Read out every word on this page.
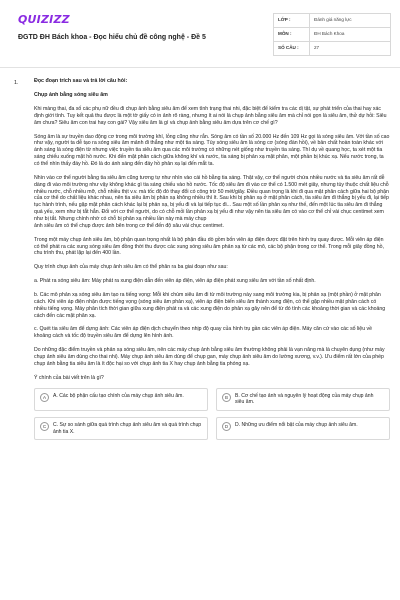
QUIZIZZ
ĐGTD ĐH Bách khoa - Đọc hiểu chủ đề công nghệ - Đề 5
LỚP :	Đánh giá năng lực
MÔN :	ĐH Bách Khoa
SỐ CÂU :	27
1.	Đọc đoạn trích sau và trả lời câu hỏi:
Chụp ảnh bằng sóng siêu âm
Khi màng thai, đa số các phụ nữ đều đi chụp ảnh bằng siêu âm để xem tình trạng thai nhi, đặc biệt để kiểm tra các dị tật, sự phát triển của thai hay xác định giới tính. Tuy kết quả thu được là một tờ giấy có in ảnh rõ ràng, nhưng ít ai nói là chụp ảnh bằng siêu âm mà chỉ nói gọn là siêu âm, thử dự hỏi: Siêu âm chưa? Siêu âm con trai hay con gái? Vậy siêu âm là gì và chụp ảnh bằng siêu âm dựa trên cơ chế gì?
Sóng âm là sự truyền dao động cơ trong môi trường khí, lỏng cũng như rắn. Sóng âm có tần số 20.000 Hz đến 109 Hz gọi là sóng siêu âm. Với tần số cao như vậy, người ta dễ tạo ra sóng siêu âm mảnh đi thẳng như một tia sáng. Tùy sóng siêu âm là sóng cơ (sóng đàn hồi), về bản chất hoàn toàn khác với ánh sáng là sóng điện từ nhưng việc truyền tia siêu âm qua các môi trường có những nét giống như truyền tia sáng. Thí dụ về quang học, ta xét một tia sáng chiếu xuống mặt hồ nước. Khi đến mặt phân cách giữa không khí và nước, tia sáng bị phản xạ mặt phân, một phần bị khúc xạ. Nếu nước trong, ta có thể nhìn thấy đáy hồ. Đó là do ánh sáng đến đáy hồ phản xạ lại đến mắt ta.
Nhìn vào cơ thể người bằng tia siêu âm cũng tương tự như nhìn vào cái hồ bằng tia sáng. Thật vậy, cơ thể người chứa nhiều nước và tia siêu âm rất dễ dàng đi vào môi trường như vậy không khác gì tia sáng chiếu vào hồ nước. Tốc độ siêu âm đi vào cơ thể có 1.500 mét giây, nhưng tùy thuộc chất liệu chỗ nhiều nước, chỗ nhiều mỡ, chỗ nhiều thịt v.v. mà tốc độ đó thay đổi có công trừ 50 mét/giây. Điều quan trọng là khi đi qua mặt phân cách giữa hai bộ phận của cơ thể do chất liệu khác nhau, nên tia siêu âm bị phản xạ không nhiều thì ít. Sau khi bị phản xạ ở mặt phân cách, tia siêu âm đi thẳng bị yếu đi, lại tiếp tục hành trình, nếu gặp mặt phân cách khác lại bị phản xạ, bị yếu đi và lại tiếp tục đi... Sau một số lần phản xạ như thế, đến một lúc tia siêu âm đi thẳng quá yếu, xem như bị tắt hẳn. Đối với cơ thể người, do có chỗ mỏi lần phản xạ bị yếu đi như vậy nên tia siêu âm có vào cơ thể chỉ vài chục centimet xem như bị tắt. Nhưng chính nhờ có chỗ bị phản xạ nhiều lần này mà máy chụp
ảnh siêu âm có thể chụp được ảnh bên trong cơ thể đến độ sâu vài chục centimet.
Trong một máy chụp ảnh siêu âm, bộ phận quan trọng nhất là bộ phận đầu dò gồm bốn viên áp điện được đặt trên hình trụ quay được. Mỗi viên áp điện có thể phát ra các xung sóng siêu âm đồng thời thu được các xung sóng siêu âm phản xạ từ các mô, các bộ phận trong cơ thể. Trong mỗi giây đồng hồ, chu trình thu, phát lặp lại đến 400 lần.
Quy trình chụp ảnh của máy chụp ảnh siêu âm có thể phân ra ba giai đoạn như sau:
a. Phát ra sóng siêu âm: Máy phát ra xung điện dẫn đến viên áp điện, viên áp điện phát xung siêu âm với tần số nhất định.
b. Các mô phản xạ sóng siêu âm tạo ra tiếng vọng: Mỗi khi chùm siêu âm đi từ môi trường này sang môi trường kia, bị phản xạ (một phần) ở mặt phân cách. Khi viên áp điện nhận được tiếng vọng (sóng siêu âm phản xạ), viên áp điện biến siêu âm thành xung điện, có thể gặp nhiều mặt phân cách có nhiều tiếng vọng. Máy phân tích thời gian giữa xung điện phát ra và các xung điện do phản xạ gây nên để từ đó tính các khoảng thời gian và các khoảng cách đến các mặt phân xạ.
c. Quét tia siêu âm để dựng ảnh: Các viên áp điện dịch chuyển theo nhịp độ quay của hình trụ gần các viên áp điện. Máy căn cứ vào các số liệu về khoảng cách và tốc độ truyền siêu âm để dựng lên hình ảnh.
Do những đặc điểm truyền và phản xạ sóng siêu âm, nên các máy chụp ảnh bằng siêu âm thường không phải là vạn năng mà là chuyên dụng (như máy chụp ảnh siêu âm dùng cho thai nhi). Máy chụp ảnh siêu âm dùng để chụp gan, máy chụp ảnh siêu âm do lường xương, v.v.). Ưu điểm rất lớn của phép chụp ảnh bằng tia siêu âm là ít độc hại so với chụp ảnh tia X hay chụp ảnh bằng tia phóng xạ.
Ý chính của bài viết trên là gì?
A	A. Các bộ phận cấu tạo chính của máy chụp ảnh siêu âm.	B	B. Cơ chế tạo ảnh và nguyên lý hoạt động của máy chụp ảnh siêu âm.
C	C. Sự so sánh giữa quá trình chụp ảnh siêu âm và quá trình chụp ảnh tia X.
D	D. Những ưu điểm nổi bật của máy chụp ảnh siêu âm.
